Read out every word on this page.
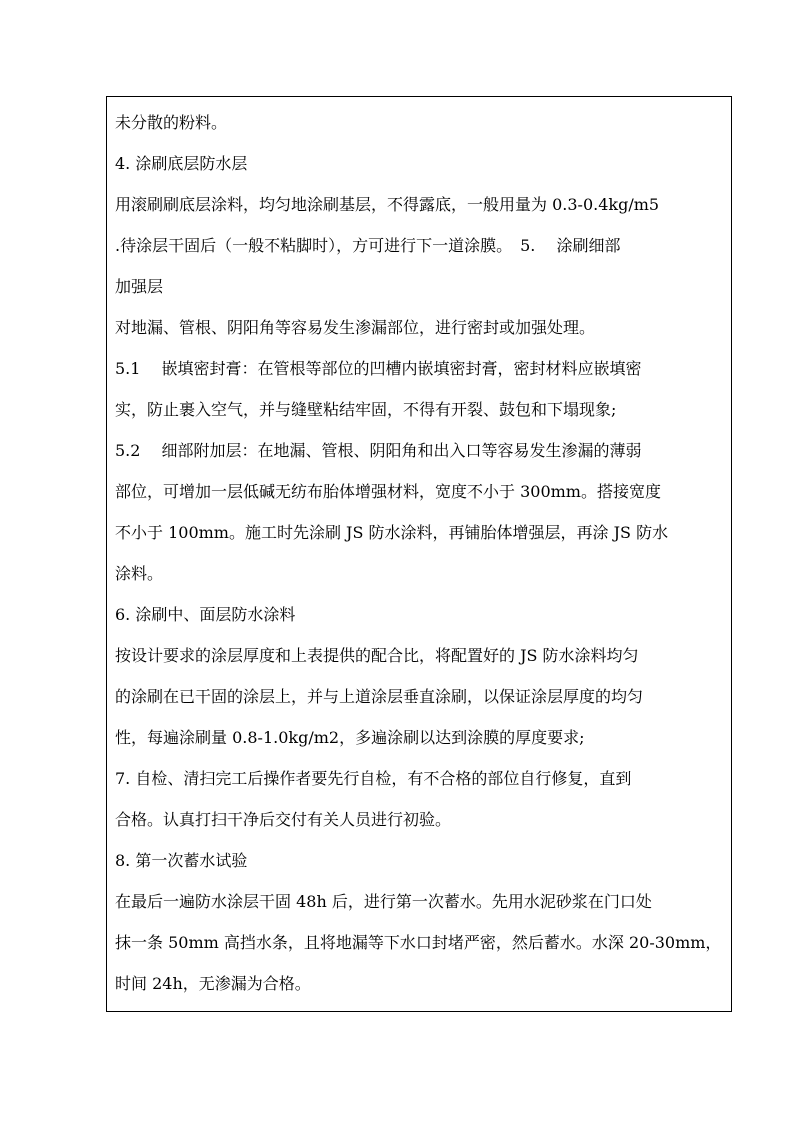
未分散的粉料。
4. 涂刷底层防水层
用滚刷刷底层涂料，均匀地涂刷基层，不得露底，一般用量为 0.3-0.4kg/m5
.待涂层干固后（一般不粘脚时），方可进行下一道涂膜。　5.　 涂刷细部
加强层
对地漏、管根、阴阳角等容易发生渗漏部位，进行密封或加强处理。
5.1　 嵌填密封膏：在管根等部位的凹槽内嵌填密封膏，密封材料应嵌填密
实，防止裹入空气，并与缝壁粘结牢固，不得有开裂、鼓包和下塌现象;
5.2　 细部附加层：在地漏、管根、阴阳角和出入口等容易发生渗漏的薄弱
部位，可增加一层低碱无纺布胎体增强材料，宽度不小于 300mm。搭接宽度
不小于 100mm。施工时先涂刷 JS 防水涂料，再铺胎体增强层，再涂 JS 防水
涂料。
6. 涂刷中、面层防水涂料
按设计要求的涂层厚度和上表提供的配合比，将配置好的 JS 防水涂料均匀
的涂刷在已干固的涂层上，并与上道涂层垂直涂刷，以保证涂层厚度的均匀
性，每遍涂刷量 0.8-1.0kg/m2，多遍涂刷以达到涂膜的厚度要求;
7. 自检、清扫完工后操作者要先行自检，有不合格的部位自行修复，直到
合格。认真打扫干净后交付有关人员进行初验。
8. 第一次蓄水试验
在最后一遍防水涂层干固 48h 后，进行第一次蓄水。先用水泥砂浆在门口处
抹一条 50mm 高挡水条，且将地漏等下水口封堵严密，然后蓄水。水深 20-30mm，
时间 24h，无渗漏为合格。
